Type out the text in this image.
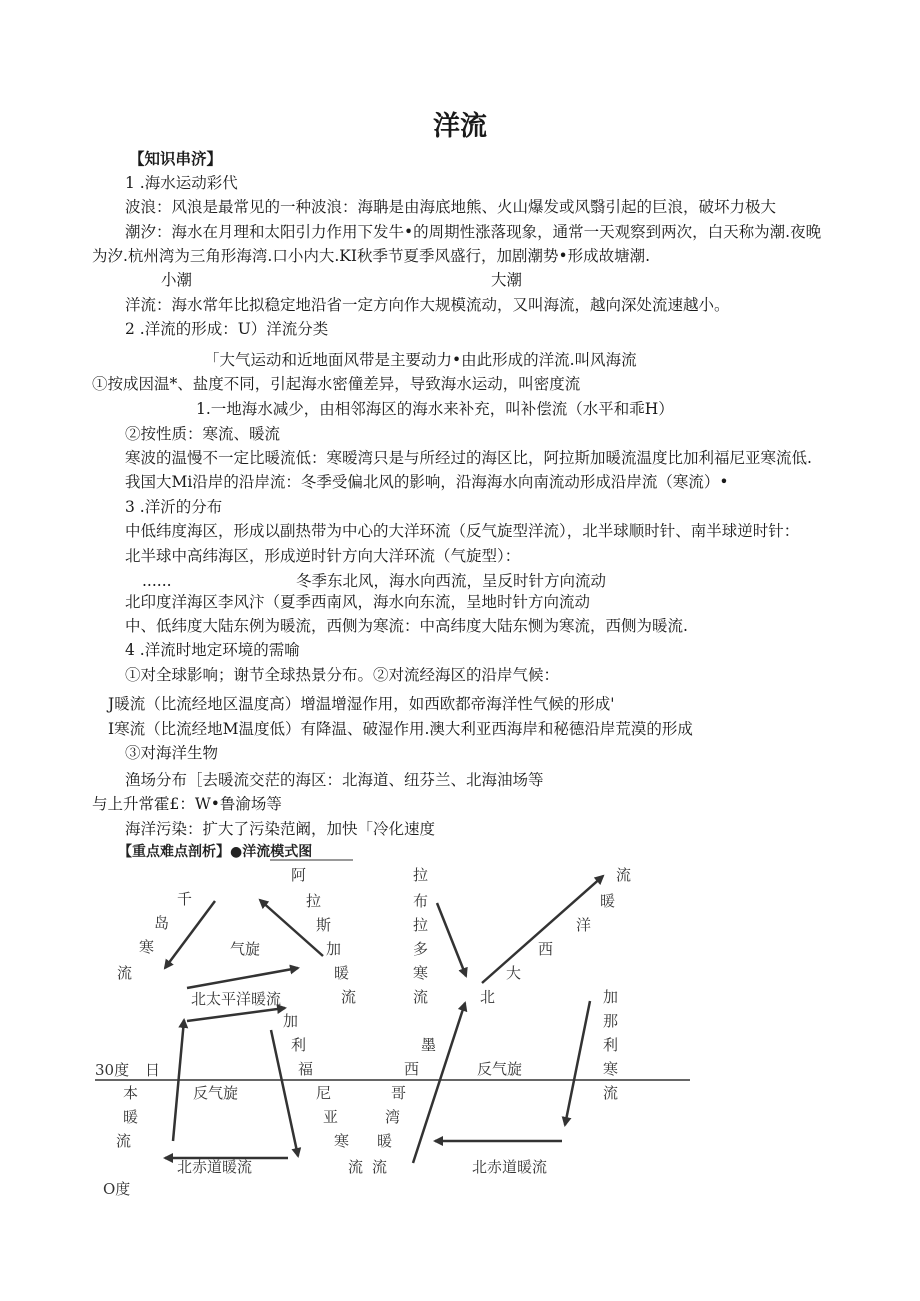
洋流
【知识串济】
1 .海水运动彩代
波浪：风浪是最常见的一种波浪：海聃是由海底地熊、火山爆发或风翳引起的巨浪，破坏力极大
潮汐：海水在月理和太阳引力作用下发牛•的周期性涨落现象，通常一天观察到两次，白天称为潮.夜晚
为汐.杭州湾为三角形海湾.口小内大.KI秋季节夏季风盛行，加剧潮势•形成故塘潮.
小潮	大潮
洋流：海水常年比拟稳定地沿省一定方向作大规模流动，又叫海流，越向深处流速越小。
2 .洋流的形成：U）洋流分类
「大气运动和近地面风带是主要动力•由此形成的洋流.叫风海流
①按成因温*、盐度不同，引起海水密僮差异，导致海水运动，叫密度流
1.一地海水减少，由相邻海区的海水来补充，叫补偿流（水平和乖H）
②按性质：寒流、暖流
寒波的温慢不一定比暖流低：寒暧湾只是与所经过的海区比，阿拉斯加暖流温度比加利福尼亚寒流低.
我国大Mi沿岸的沿岸流：冬季受偏北风的影响，沿海海水向南流动形成沿岸流（寒流）•
3 .洋沂的分布
中低纬度海区，形成以副热带为中心的大洋环流（反气旋型洋流），北半球顺时针、南半球逆时针：
北半球中高纬海区，形成逆时针方向大洋环流（气旋型）：
......	冬季东北风，海水向西流，呈反时针方向流动
北印度洋海区李风汴（夏季西南风，海水向东流，呈地时针方向流动
中、低纬度大陆东例为暖流，西侧为寒流：中高纬度大陆东恻为寒流，西侧为暖流.
4 .洋流时地定环境的需喻
①对全球影响；谢节全球热景分布。②对流经海区的沿岸气候：
J暖流（比流经地区温度高）增温增湿作用，如西欧都帝海洋性气候的形成'
I寒流（比流经地M温度低）有降温、破湿作用.澳大利亚西海岸和秘德沿岸荒漠的形成
③对海洋生物
渔场分布［去暖流交茫的海区：北海道、纽芬兰、北海油场等
与上升常霍£：W•鲁渝场等
海洋污染：扩大了污染范阚，加快「冷化速度
【重点难点剖析】●洋流模式图
阿
拉
斯
加
暖
流
拉
布
拉
多
寒
流
千
岛
寒
流
气旋
北太平洋暖流
流
暖
洋
西
大
北	加
那
利
寒
流
加
利
福
尼
亚
寒
流
墨
西
哥
湾
暖
流
30度 日
本
暖
流
反气旋
反气旋
北赤道暖流	北赤道暖流
O度
